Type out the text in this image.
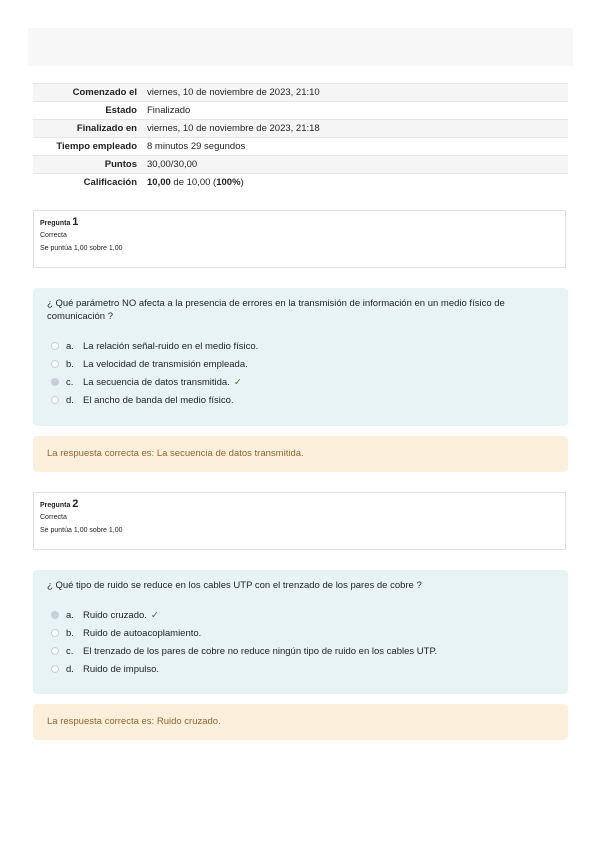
Comenzado el	viernes, 10 de noviembre de 2023, 21:10
Estado	Finalizado
Finalizado en	viernes, 10 de noviembre de 2023, 21:18
Tiempo empleado	8 minutos 29 segundos
Puntos	30,00/30,00
Calificación	10,00 de 10,00 (100%)
Pregunta 1
Correcta
Se puntúa 1,00 sobre 1,00
¿ Qué parámetro NO afecta a la presencia de errores en la transmisión de información en un medio físico de comunicación ?
a. La relación señal-ruido en el medio físico.
b. La velocidad de transmisión empleada.
c.	La secuencia de datos transmitida. ✓
d. El ancho de banda del medio físico.
La respuesta correcta es: La secuencia de datos transmitida.
Pregunta 2
Correcta
Se puntúa 1,00 sobre 1,00
¿ Qué tipo de ruido se reduce en los cables UTP con el trenzado de los pares de cobre ?
a. Ruido cruzado. ✓
b. Ruido de autoacoplamiento.
c.	El trenzado de los pares de cobre no reduce ningún tipo de ruido en los cables UTP.
d. Ruido de impulso.
La respuesta correcta es: Ruido cruzado.
